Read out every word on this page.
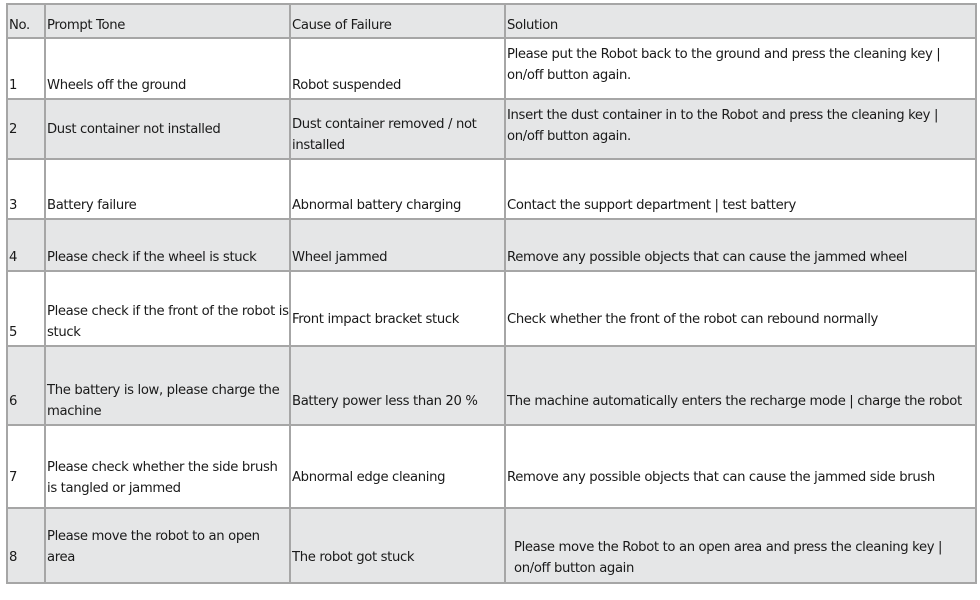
No.	Prompt Tone	Cause of Failure	Solution
1	Wheels off the ground	Robot suspended	Please put the Robot back to the ground and press the cleaning key | on/off button again.
2	Dust container not installed	Dust container removed / not installed	Insert the dust container in to the Robot and press the cleaning key | on/off button again.
3	Battery failure	Abnormal battery charging	Contact the support department | test battery
4	Please check if the wheel is stuck	Wheel jammed	Remove any possible objects that can cause the jammed wheel
5	Please check if the front of the robot is stuck	Front impact bracket stuck	Check whether the front of the robot can rebound normally
6	The battery is low, please charge the machine	Battery power less than 20 %	The machine automatically enters the recharge mode | charge the robot
7	Please check whether the side brush is tangled or jammed	Abnormal edge cleaning	Remove any possible objects that can cause the jammed side brush
8	Please move the robot to an open area	The robot got stuck	Please move the Robot to an open area and press the cleaning key | on/off button again
